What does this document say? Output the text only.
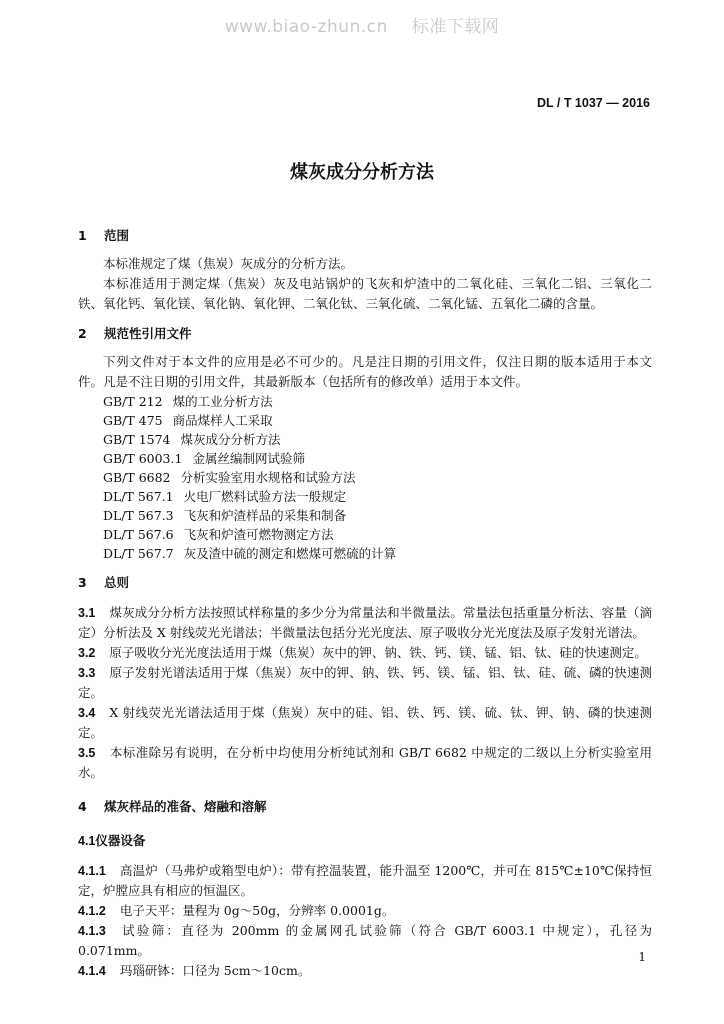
www.biao-zhun.cn 标准下载网
DL / T 1037 — 2016
煤灰成分分析方法
1 范围

本标准规定了煤（焦炭）灰成分的分析方法。

本标准适用于测定煤（焦炭）灰及电站锅炉的飞灰和炉渣中的二氧化硅、三氧化二铝、三氧化二铁、氧化钙、氧化镁、氧化钠、氧化钾、二氧化钛、三氧化硫、二氧化锰、五氧化二磷的含量。

2 规范性引用文件

下列文件对于本文件的应用是必不可少的。凡是注日期的引用文件，仅注日期的版本适用于本文件。凡是不注日期的引用文件，其最新版本（包括所有的修改单）适用于本文件。

GB/T 212 煤的工业分析方法
GB/T 475 商品煤样人工采取
GB/T 1574 煤灰成分分析方法
GB/T 6003.1 金属丝编制网试验筛
GB/T 6682 分析实验室用水规格和试验方法
DL/T 567.1 火电厂燃料试验方法一般规定
DL/T 567.3 飞灰和炉渣样品的采集和制备
DL/T 567.6 飞灰和炉渣可燃物测定方法
DL/T 567.7 灰及渣中硫的测定和燃煤可燃硫的计算
3 总则

3.1 煤灰成分分析方法按照试样称量的多少分为常量法和半微量法。常量法包括重量分析法、容量（滴定）分析法及 X 射线荧光光谱法；半微量法包括分光光度法、原子吸收分光光度法及原子发射光谱法。

3.2 原子吸收分光光度法适用于煤（焦炭）灰中的钾、钠、铁、钙、镁、锰、铝、钛、硅的快速测定。

3.3 原子发射光谱法适用于煤（焦炭）灰中的钾、钠、铁、钙、镁、锰、铝、钛、硅、硫、磷的快速测定。

3.4 X 射线荧光光谱法适用于煤（焦炭）灰中的硅、铝、铁、钙、镁、硫、钛、钾、钠、磷的快速测定。

3.5 本标准除另有说明，在分析中均使用分析纯试剂和 GB/T 6682 中规定的二级以上分析实验室用水。

4 煤灰样品的准备、熔融和溶解
4.1仪器设备

4.1.1 高温炉（马弗炉或箱型电炉）：带有控温装置，能升温至 1200℃，并可在 815℃±10℃保持恒定，炉膛应具有相应的恒温区。

4.1.2 电子天平：量程为 0g～50g，分辨率 0.0001g。

4.1.3 试验筛：直径为 200mm 的金属网孔试验筛（符合 GB/T 6003.1 中规定），孔径为 0.071mm。

4.1.4 玛瑙研钵：口径为 5cm～10cm。

1
